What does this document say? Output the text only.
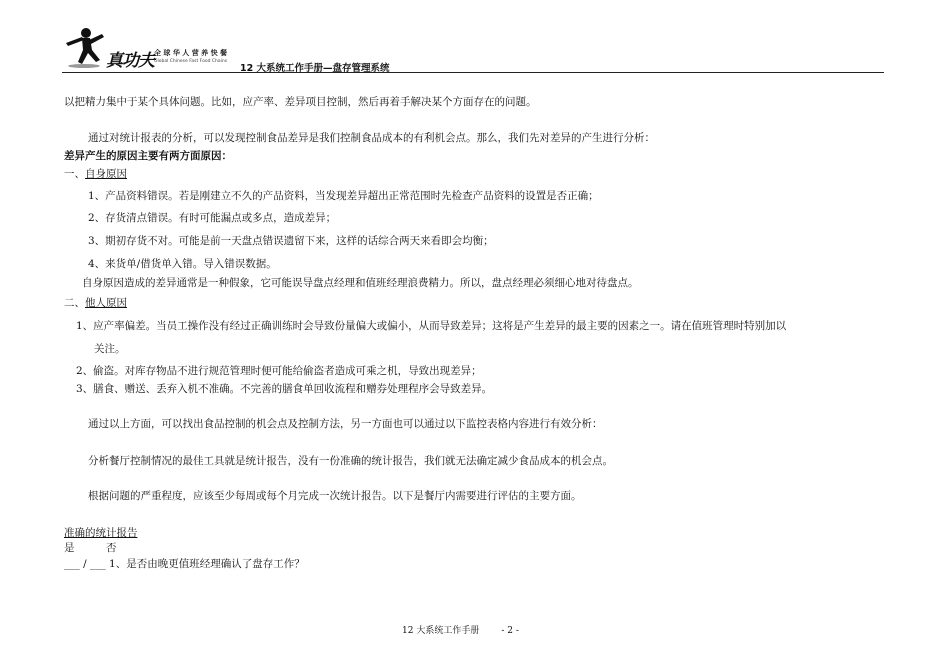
真功夫 全 球 华 人 营 养 快 餐
Global Chinese Fast Food Chains
12 大系统工作手册—盘存管理系统
以把精力集中于某个具体问题。比如，应产率、差异项目控制，然后再着手解决某个方面存在的问题。
通过对统计报表的分析，可以发现控制食品差异是我们控制食品成本的有利机会点。那么，我们先对差异的产生进行分析：
差异产生的原因主要有两方面原因：
一、自身原因
1、产品资料错误。若是刚建立不久的产品资料，当发现差异超出正常范围时先检查产品资料的设置是否正确；
2、存货清点错误。有时可能漏点或多点，造成差异；
3、期初存货不对。可能是前一天盘点错误遗留下来，这样的话综合两天来看即会均衡；
4、来货单/借货单入错。导入错误数据。
自身原因造成的差异通常是一种假象，它可能误导盘点经理和值班经理浪费精力。所以，盘点经理必须细心地对待盘点。
二、他人原因
1、应产率偏差。当员工操作没有经过正确训练时会导致份量偏大或偏小，从而导致差异；这将是产生差异的最主要的因素之一。请在值班管理时特别加以
关注。
2、偷盗。对库存物品不进行规范管理时便可能给偷盗者造成可乘之机，导致出现差异；
3、膳食、赠送、丢弃入机不准确。不完善的膳食单回收流程和赠券处理程序会导致差异。
通过以上方面，可以找出食品控制的机会点及控制方法，另一方面也可以通过以下监控表格内容进行有效分析：
分析餐厅控制情况的最佳工具就是统计报告，没有一份准确的统计报告，我们就无法确定减少食品成本的机会点。
根据问题的严重程度，应该至少每周或每个月完成一次统计报告。以下是餐厅内需要进行评估的主要方面。
准确的统计报告
是	否
___ / ___ 1、是否由晚更值班经理确认了盘存工作？
12 大系统工作手册 - 2 -
